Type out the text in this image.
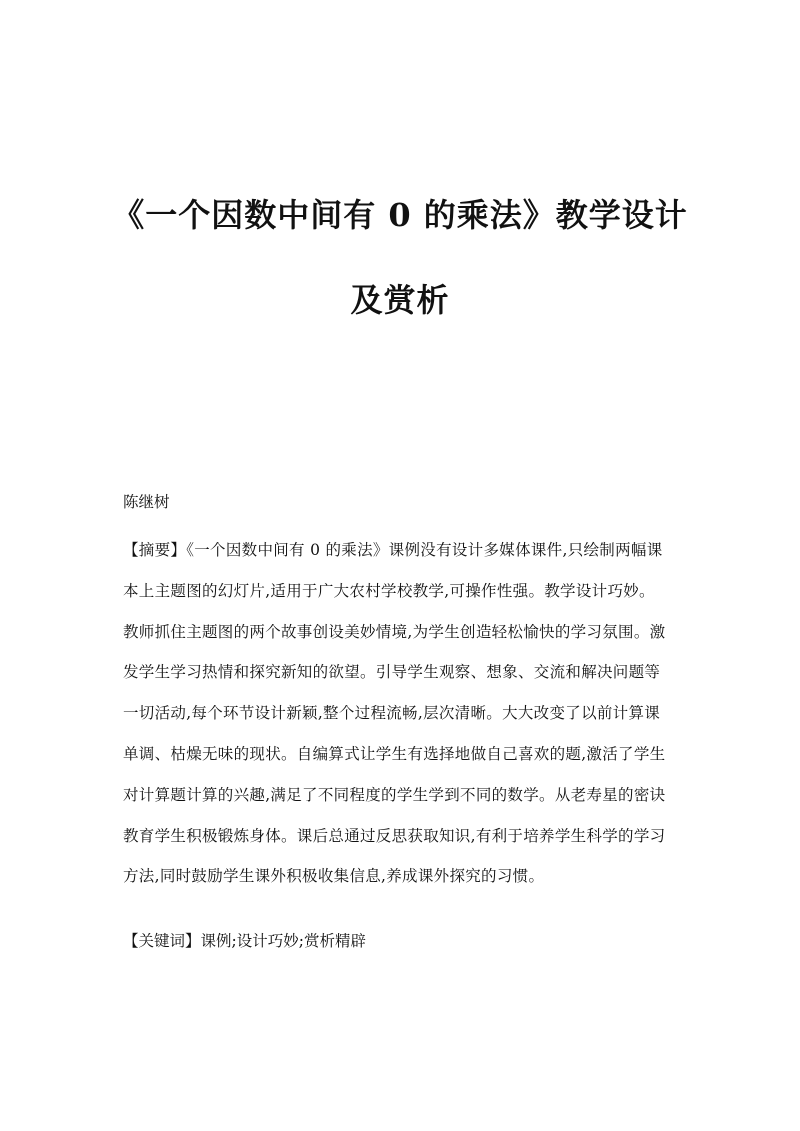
《一个因数中间有 0 的乘法》教学设计
及赏析
陈继树
【摘要】《一个因数中间有 0 的乘法》课例没有设计多媒体课件,只绘制两幅课
本上主题图的幻灯片,适用于广大农村学校教学,可操作性强。教学设计巧妙。
教师抓住主题图的两个故事创设美妙情境,为学生创造轻松愉快的学习氛围。激
发学生学习热情和探究新知的欲望。引导学生观察、想象、交流和解决问题等
一切活动,每个环节设计新颖,整个过程流畅,层次清晰。大大改变了以前计算课
单调、枯燥无味的现状。自编算式让学生有选择地做自己喜欢的题,激活了学生
对计算题计算的兴趣,满足了不同程度的学生学到不同的数学。从老寿星的密诀
教育学生积极锻炼身体。课后总通过反思获取知识,有利于培养学生科学的学习
方法,同时鼓励学生课外积极收集信息,养成课外探究的习惯。
【关键词】课例;设计巧妙;赏析精辟
